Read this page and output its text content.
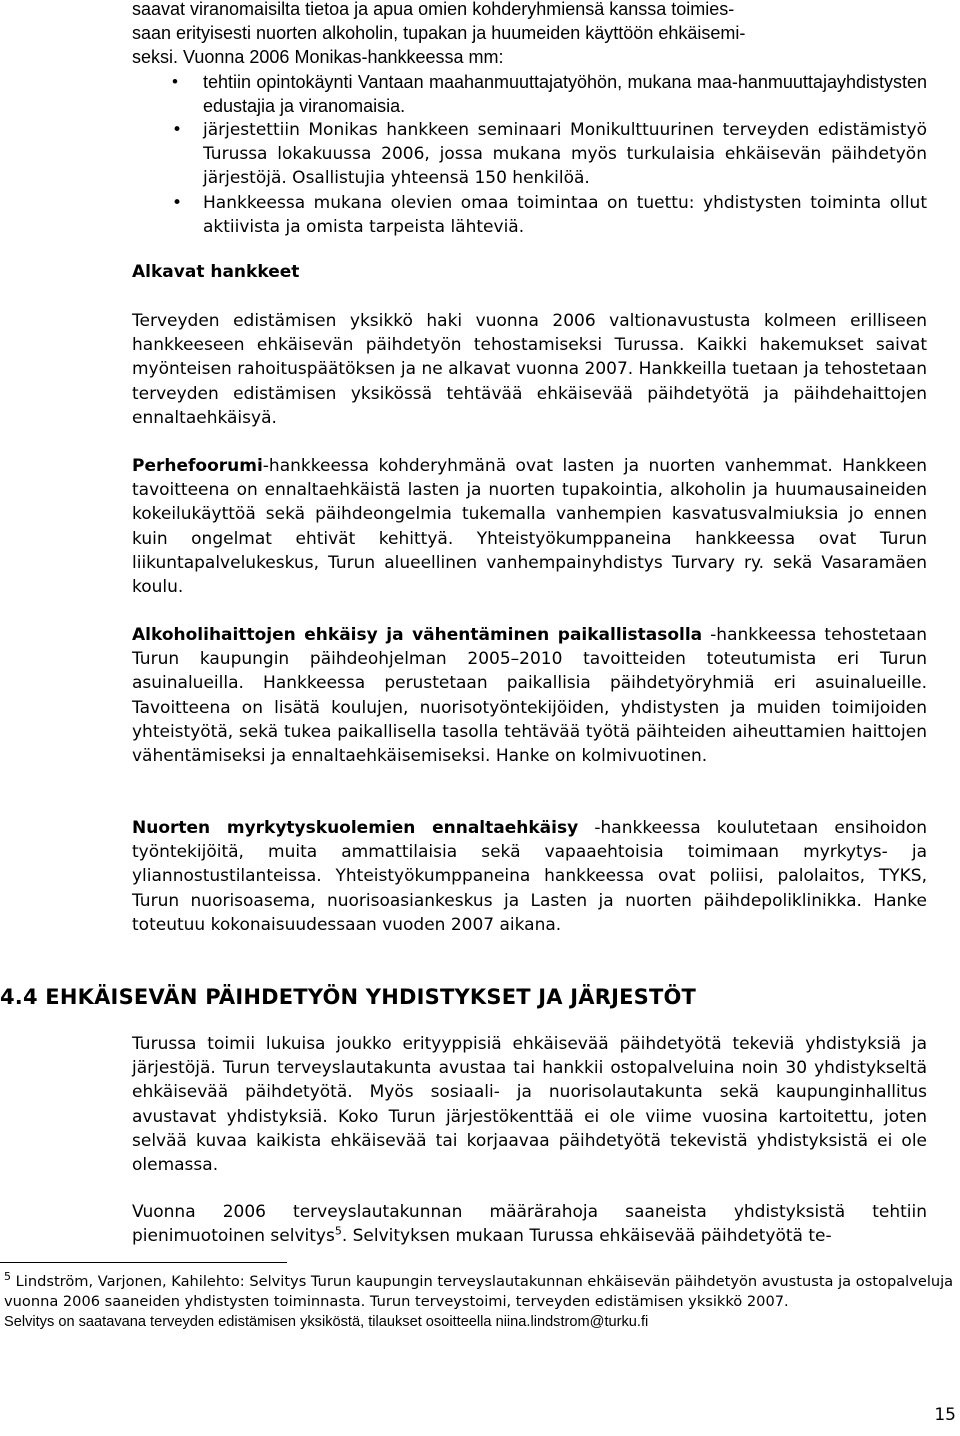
saavat viranomaisilta tietoa ja apua omien kohderyhmiensä kanssa toimies-
saan erityisesti nuorten alkoholin, tupakan ja huumeiden käyttöön ehkäisemi-
seksi. Vuonna 2006 Monikas-hankkeessa mm:

• tehtiin opintokäynti Vantaan maahanmuuttajatyöhön, mukana maa-hanmuuttajayhdistysten edustajia ja viranomaisia.
• järjestettiin Monikas hankkeen seminaari Monikulttuurinen terveyden edistämistyö Turussa lokakuussa 2006, jossa mukana myös turkulaisia ehkäisevän päihdetyön järjestöjä. Osallistujia yhteensä 150 henkilöä.
• Hankkeessa mukana olevien omaa toimintaa on tuettu: yhdistysten toiminta ollut aktiivista ja omista tarpeista lähteviä.
Alkavat hankkeet

Terveyden edistämisen yksikkö haki vuonna 2006 valtionavustusta kolmeen erilliseen hankkeeseen ehkäisevän päihdetyön tehostamiseksi Turussa. Kaikki hakemukset saivat myönteisen rahoituspäätöksen ja ne alkavat vuonna 2007. Hankkeilla tuetaan ja tehostetaan terveyden edistämisen yksikössä tehtävää ehkäisevää päihdetyötä ja päihdehaittojen ennaltaehkäisyä.

Perhefoorumi-hankkeessa kohderyhmänä ovat lasten ja nuorten vanhemmat. Hankkeen tavoitteena on ennaltaehkäistä lasten ja nuorten tupakointia, alkoholin ja huumausaineiden kokeilukäyttöä sekä päihdeongelmia tukemalla vanhempien kasvatusvalmiuksia jo ennen kuin ongelmat ehtivät kehittyä. Yhteistyökumppaneina hankkeessa ovat Turun liikuntapalvelukeskus, Turun alueellinen vanhempainyhdistys Turvary ry. sekä Vasaramäen koulu.

Alkoholihaittojen ehkäisy ja vähentäminen paikallistasolla -hankkeessa tehostetaan Turun kaupungin päihdeohjelman 2005–2010 tavoitteiden toteutumista eri Turun asuinalueilla. Hankkeessa perustetaan paikallisia päihdetyöryhmiä eri asuinalueille. Tavoitteena on lisätä koulujen, nuorisotyöntekijöiden, yhdistysten ja muiden toimijoiden yhteistyötä, sekä tukea paikallisella tasolla tehtävää työtä päihteiden aiheuttamien haittojen vähentämiseksi ja ennaltaehkäisemiseksi. Hanke on kolmivuotinen.

Nuorten myrkytyskuolemien ennaltaehkäisy -hankkeessa koulutetaan ensihoidon työntekijöitä, muita ammattilaisia sekä vapaaehtoisia toimimaan myrkytys- ja yliannostustilanteissa. Yhteistyökumppaneina hankkeessa ovat poliisi, palolaitos, TYKS, Turun nuorisoasema, nuorisoasiankeskus ja Lasten ja nuorten päihdepoliklinikka. Hanke toteutuu kokonaisuudessaan vuoden 2007 aikana.

4.4 EHKÄISEVÄN PÄIHDETYÖN YHDISTYKSET JA JÄRJESTÖT

Turussa toimii lukuisa joukko erityyppisiä ehkäisevää päihdetyötä tekeviä yhdistyksiä ja järjestöjä. Turun terveyslautakunta avustaa tai hankkii ostopalveluina noin 30 yhdistykseltä ehkäisevää päihdetyötä. Myös sosiaali- ja nuorisolautakunta sekä kaupunginhallitus avustavat yhdistyksiä. Koko Turun järjestökenttää ei ole viime vuosina kartoitettu, joten selvää kuvaa kaikista ehkäisevää tai korjaavaa päihdetyötä tekevistä yhdistyksistä ei ole olemassa.

Vuonna 2006 terveyslautakunnan määrärahoja saaneista yhdistyksistä tehtiin pienimuotoinen selvitys$^5$. Selvityksen mukaan Turussa ehkäisevää päihdetyötä te-

$^5$ Lindström, Varjonen, Kahilehto: Selvitys Turun kaupungin terveyslautakunnan ehkäisevän päihdetyön avustusta ja ostopalveluja vuonna 2006 saaneiden yhdistysten toiminnasta. Turun terveystoimi, terveyden edistämisen yksikkö 2007.
Selvitys on saatavana terveyden edistämisen yksiköstä, tilaukset osoitteella niina.lindstrom@turku.fi
15
